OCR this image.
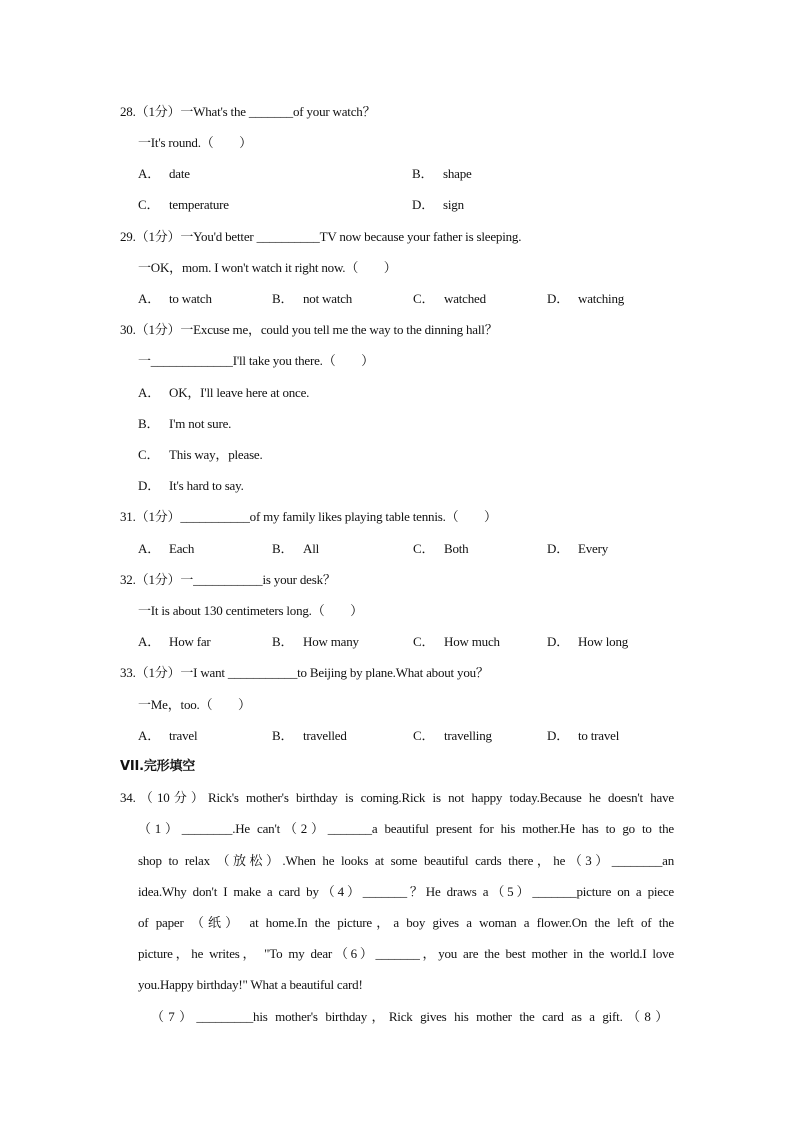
28.（1分）一What's the _______of your watch？
一It's round.（　　）
A． date	B． shape
C． temperature	D． sign
29.（1分）一You'd better __________TV now because your father is sleeping.
一OK，mom. I won't watch it right now.（　　）
A． to watch	B． not watch	C． watched	D． watching
30.（1分）一Excuse me，could you tell me the way to the dinning hall？
一_____________I'll take you there.（　　）
A． OK，I'll leave here at once.
B． I'm not sure.
C． This way，please.
D． It's hard to say.
31.（1分）___________of my family likes playing table tennis.（　　）
A． Each	B． All	C． Both	D． Every
32.（1分）一___________is your desk？
一It is about 130 centimeters long.（　　）
A． How far	B． How many	C． How much	D． How long
33.（1分）一I want ___________to Beijing by plane.What about you？
一Me，too.（　　）
A． travel	B． travelled	C． travelling	D． to travel
VII.完形填空
34.（10分）Rick's mother's birthday is coming.Rick is not happy today.Because he doesn't have
（1）________.He can't（2）_______a beautiful present for his mother.He has to go to the
shop to relax （放松）.When he looks at some beautiful cards there，he（3）________an
idea.Why don't I make a card by（4）_______？He draws a（5）_______picture on a piece
of paper （纸） at home.In the picture，a boy gives a woman a flower.On the left of the
picture，he writes， "To my dear（6）_______，you are the best mother in the world.I love
you.Happy birthday!" What a beautiful card!
（7）_________his mother's birthday，Rick gives his mother the card as a gift.（8）
